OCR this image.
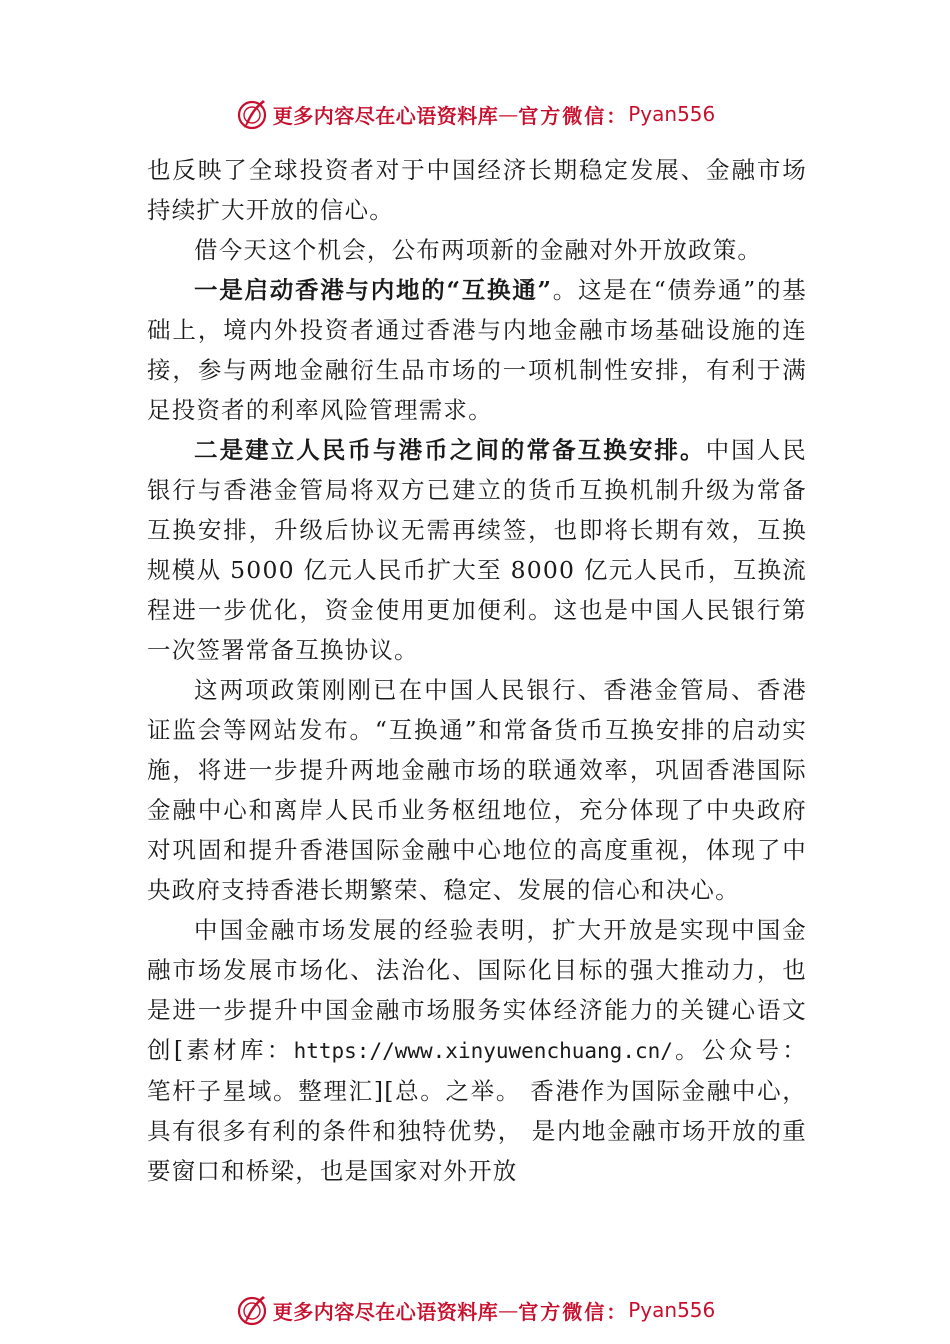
更多内容尽在心语资料库 — 官方微信： Pyan556

也反映了全球投资者对于中国经济长期稳定发展、金融市场持续扩大开放的信心。

借今天这个机会，公布两项新的金融对外开放政策。

一是启动香港与内地的“互换通”。这是在“债券通”的基础上，境内外投资者通过香港与内地金融市场基础设施的连接，参与两地金融衍生品市场的一项机制性安排，有利于满足投资者的利率风险管理需求。

二是建立人民币与港币之间的常备互换安排。中国人民银行与香港金管局将双方已建立的货币互换机制升级为常备互换安排，升级后协议无需再续签，也即将长期有效，互换规模从 5000 亿元人民币扩大至 8000 亿元人民币，互换流程进一步优化，资金使用更加便利。这也是中国人民银行第一次签署常备互换协议。

这两项政策刚刚已在中国人民银行、香港金管局、香港证监会等网站发布。“互换通”和常备货币互换安排的启动实施，将进一步提升两地金融市场的联通效率，巩固香港国际金融中心和离岸人民币业务枢纽地位，充分体现了中央政府对巩固和提升香港国际金融中心地位的高度重视，体现了中央政府支持香港长期繁荣、稳定、发展的信心和决心。

中国金融市场发展的经验表明，扩大开放是实现中国金融市场发展市场化、法治化、国际化目标的强大推动力，也是进一步提升中国金融市场服务实体经济能力的关键心语文创[素材库：https://www.xinyuwenchuang.cn/。公众号：笔杆子星域。整理汇][总。之举。 香港作为国际金融中心，具有很多有利的条件和独特优势， 是内地金融市场开放的重要窗口和桥梁，也是国家对外开放

更多内容尽在心语资料库 — 官方微信： Pyan556
